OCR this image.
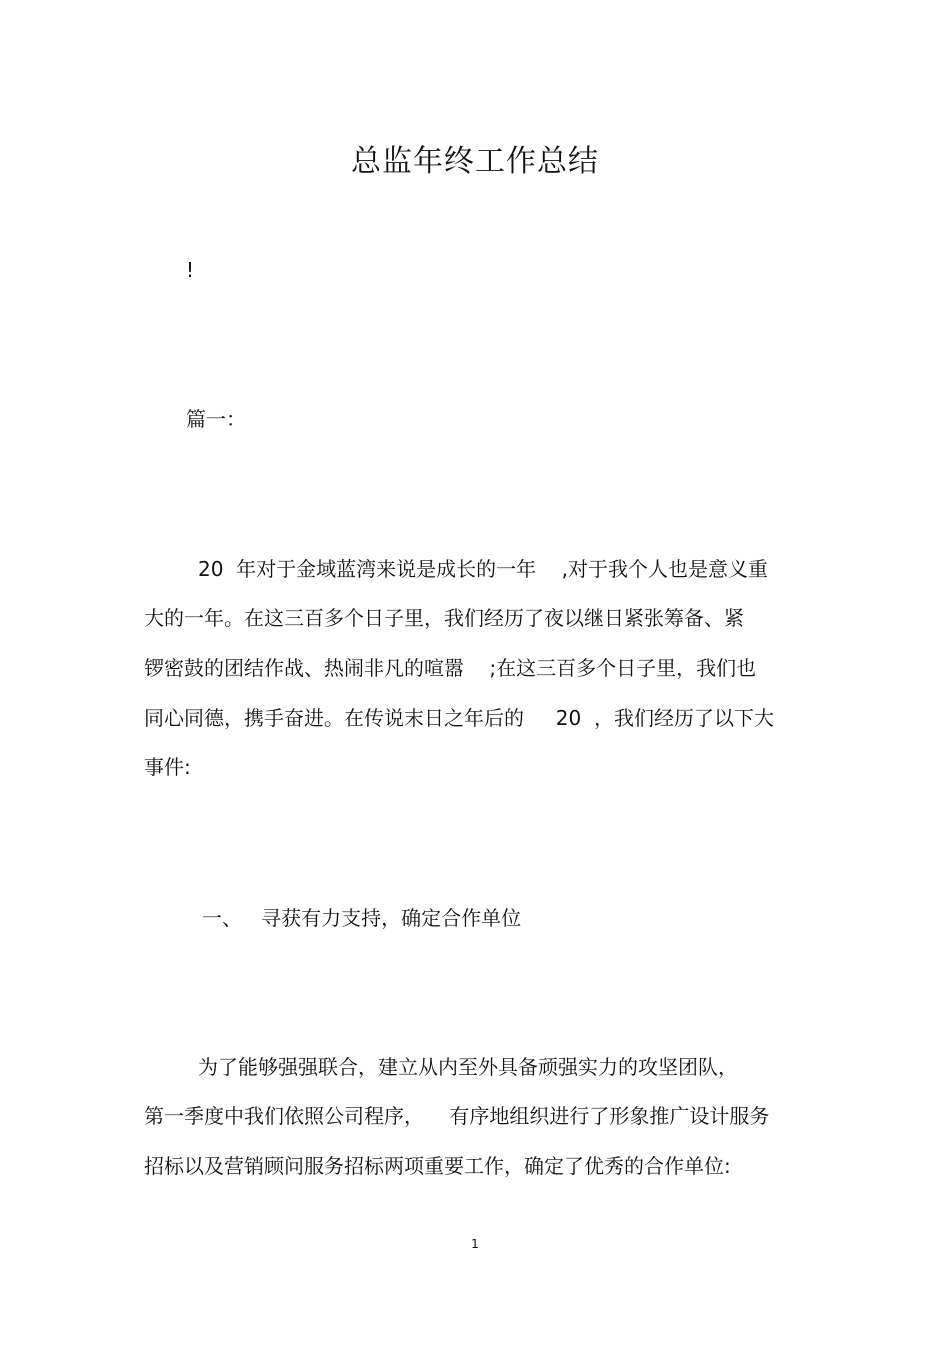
总监年终工作总结
!
篇一：
20  年对于金域蓝湾来说是成长的一年    ,对于我个人也是意义重
大的一年。在这三百多个日子里，我们经历了夜以继日紧张筹备、紧
锣密鼓的团结作战、热闹非凡的喧嚣    ;在这三百多个日子里，我们也
同心同德，携手奋进。在传说末日之年后的     20  ，我们经历了以下大
事件:
一、   寻获有力支持，确定合作单位
为了能够强强联合，建立从内至外具备顽强实力的攻坚团队，
第一季度中我们依照公司程序，    有序地组织进行了形象推广设计服务
招标以及营销顾问服务招标两项重要工作，确定了优秀的合作单位:
1
